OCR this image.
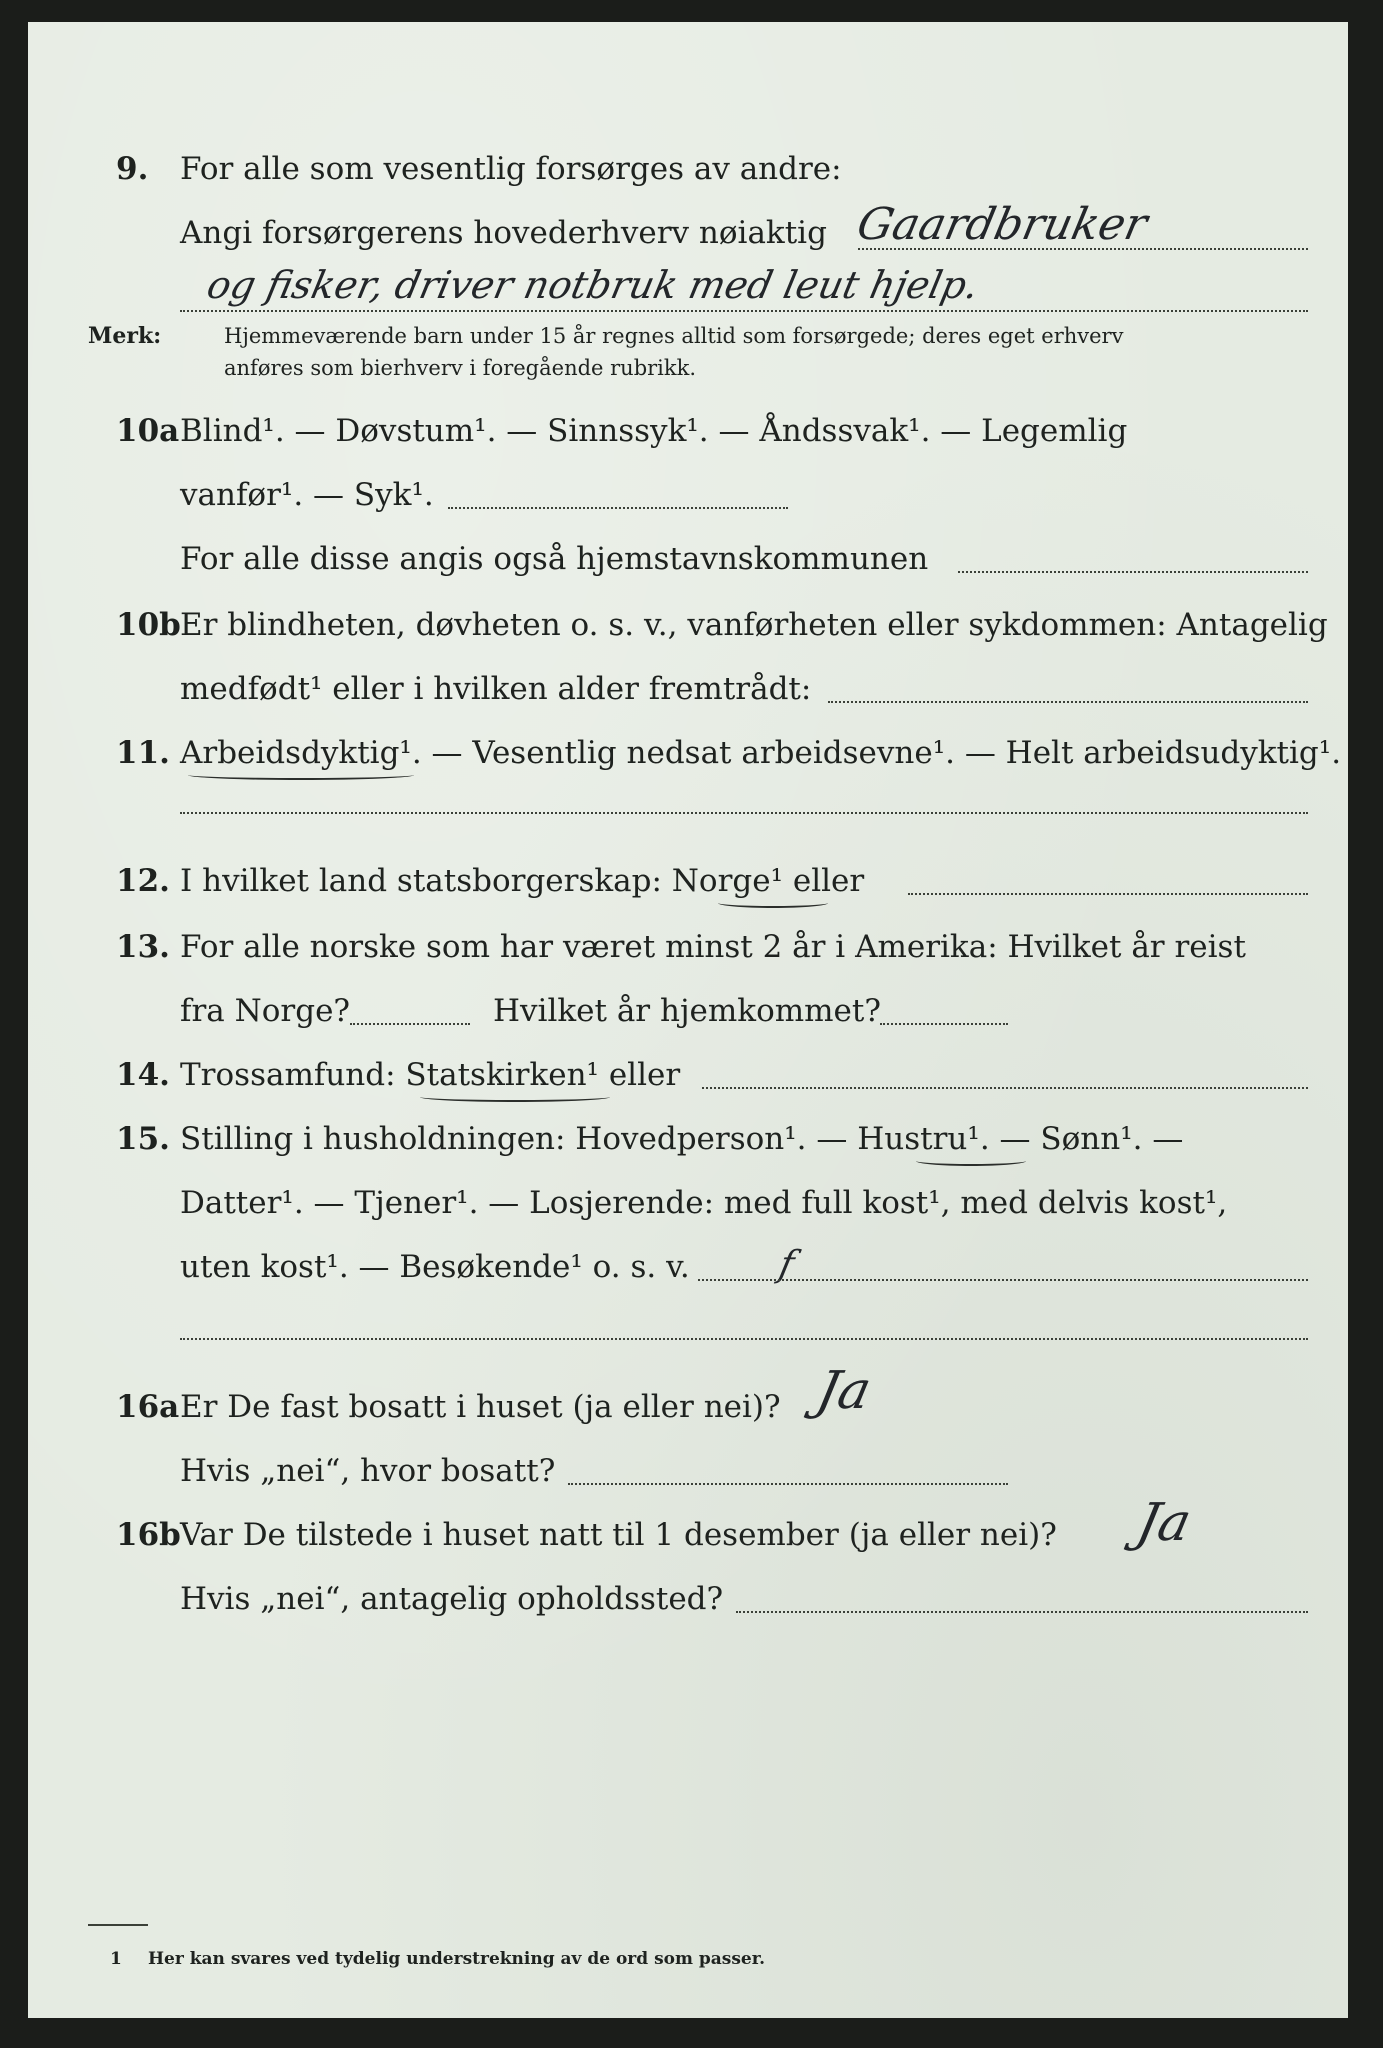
9. For alle som vesentlig forsørges av andre:
Angi forsørgerens hovederhverv nøiaktig Gaardbruker
og fisker, driver notbruk med leut hjelp.
Merk:	Hjemmeværende barn under 15 år regnes alltid som forsørgede; deres eget erhverv
anføres som bierhverv i foregående rubrikk.
10a Blind¹. — Døvstum¹. — Sinnssyk¹. — Åndssvak¹. — Legemlig
vanfør¹. — Syk¹.
For alle disse angis også hjemstavnskommunen
10b Er blindheten, døvheten o. s. v., vanførheten eller sykdommen: Antagelig
medfødt¹ eller i hvilken alder fremtrådt:
11. Arbeidsdyktig¹. — Vesentlig nedsat arbeidsevne¹. — Helt arbeidsudyktig¹.
12. I hvilket land statsborgerskap: Norge¹ eller
13. For alle norske som har været minst 2 år i Amerika: Hvilket år reist
fra Norge?	Hvilket år hjemkommet?
14. Trossamfund: Statskirken¹ eller
15. Stilling i husholdningen: Hovedperson¹. — Hustru¹. — Sønn¹. —
Datter¹. — Tjener¹. — Losjerende: med full kost¹, med delvis kost¹,
uten kost¹. — Besøkende¹ o. s. v. f
16a Er De fast bosatt i huset (ja eller nei)? Ja
Hvis „nei“, hvor bosatt?
16b Var De tilstede i huset natt til 1 desember (ja eller nei)? Ja
Hvis „nei“, antagelig opholdssted?
1 Her kan svares ved tydelig understrekning av de ord som passer.
